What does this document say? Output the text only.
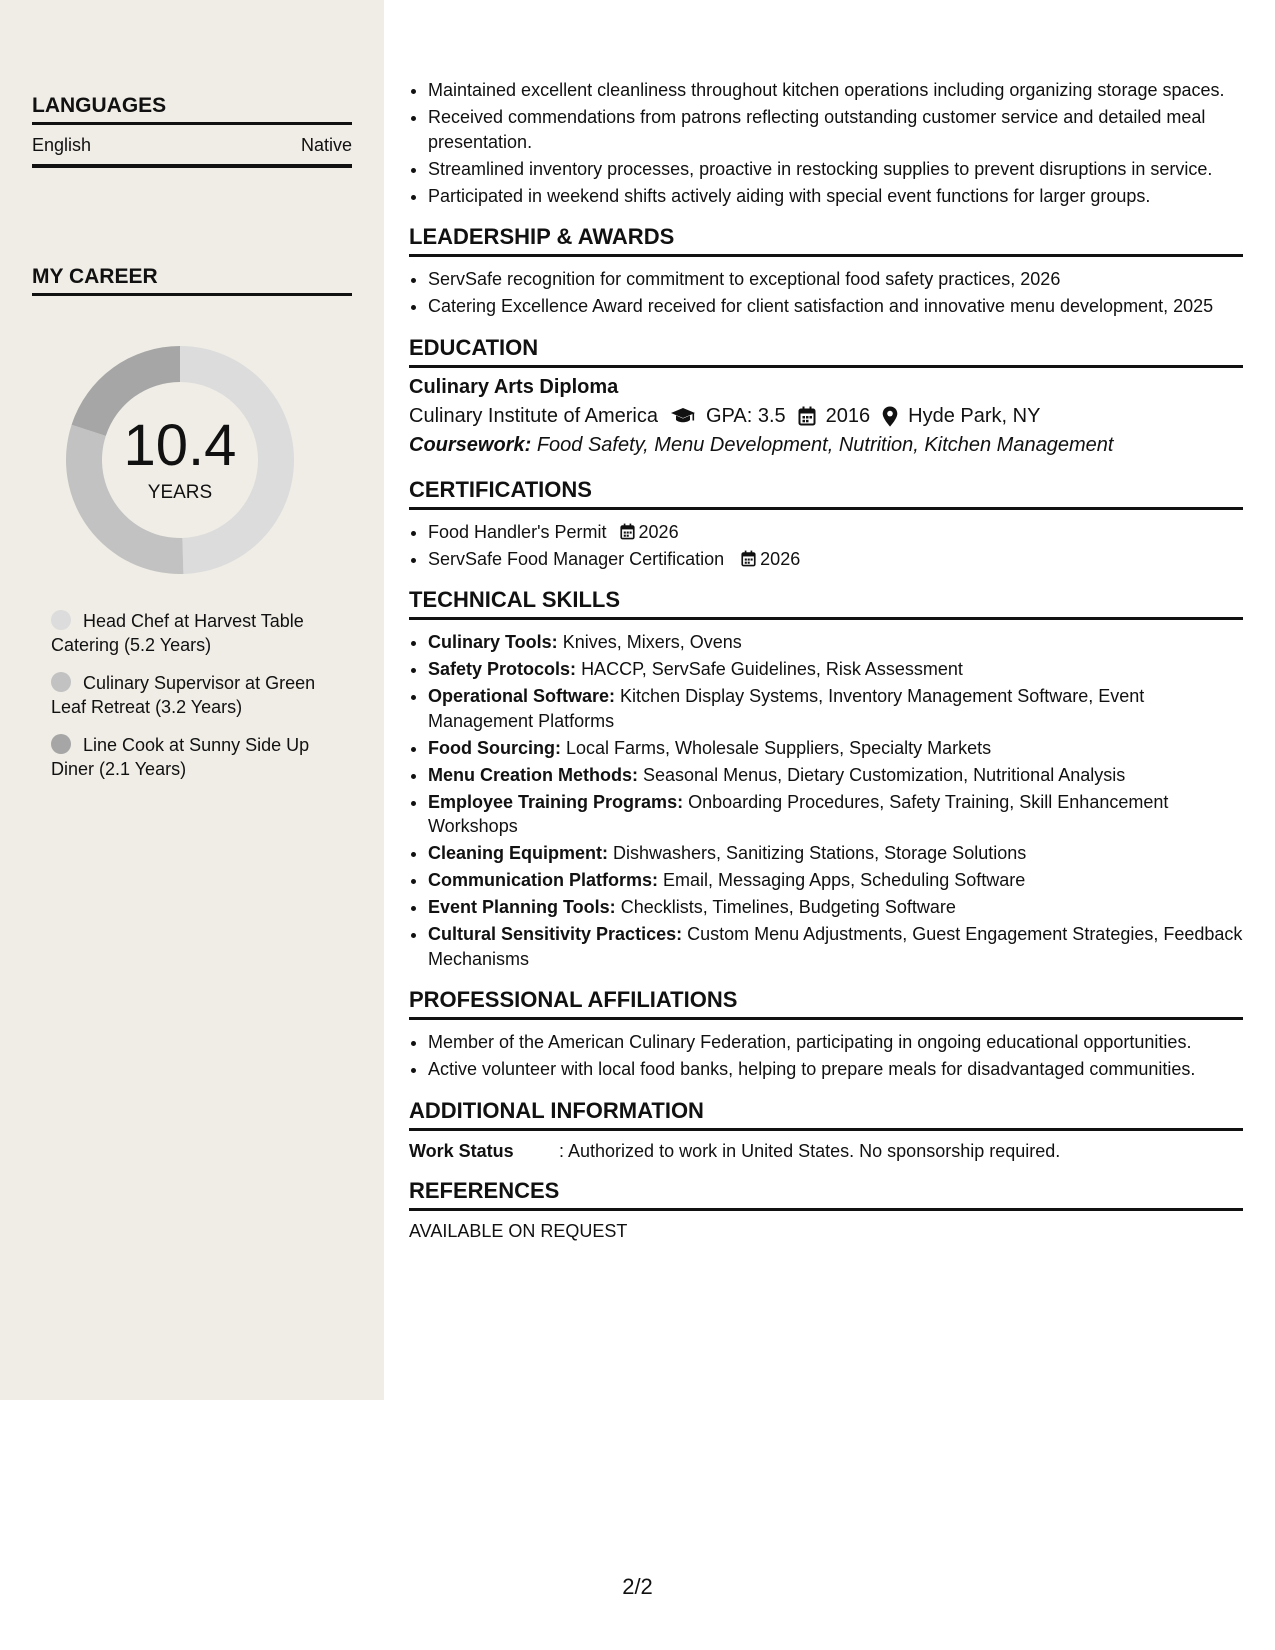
LANGUAGES
English	Native
MY CAREER
10.4
YEARS
Head Chef at Harvest Table Catering (5.2 Years)
Culinary Supervisor at Green Leaf Retreat (3.2 Years)
Line Cook at Sunny Side Up Diner (2.1 Years)
• Maintained excellent cleanliness throughout kitchen operations including organizing storage spaces.
• Received commendations from patrons reflecting outstanding customer service and detailed meal presentation.
• Streamlined inventory processes, proactive in restocking supplies to prevent disruptions in service.
• Participated in weekend shifts actively aiding with special event functions for larger groups.
LEADERSHIP & AWARDS
• ServSafe recognition for commitment to exceptional food safety practices, 2026
• Catering Excellence Award received for client satisfaction and innovative menu development, 2025
EDUCATION
Culinary Arts Diploma
Culinary Institute of America GPA: 3.5 2016 Hyde Park, NY
Coursework: Food Safety, Menu Development, Nutrition, Kitchen Management
CERTIFICATIONS
• Food Handler's Permit 2026
• ServSafe Food Manager Certification 2026
TECHNICAL SKILLS
• Culinary Tools: Knives, Mixers, Ovens
• Safety Protocols: HACCP, ServSafe Guidelines, Risk Assessment
• Operational Software: Kitchen Display Systems, Inventory Management Software, Event Management Platforms
• Food Sourcing: Local Farms, Wholesale Suppliers, Specialty Markets
• Menu Creation Methods: Seasonal Menus, Dietary Customization, Nutritional Analysis
• Employee Training Programs: Onboarding Procedures, Safety Training, Skill Enhancement Workshops
• Cleaning Equipment: Dishwashers, Sanitizing Stations, Storage Solutions
• Communication Platforms: Email, Messaging Apps, Scheduling Software
• Event Planning Tools: Checklists, Timelines, Budgeting Software
• Cultural Sensitivity Practices: Custom Menu Adjustments, Guest Engagement Strategies, Feedback Mechanisms
PROFESSIONAL AFFILIATIONS
• Member of the American Culinary Federation, participating in ongoing educational opportunities.
• Active volunteer with local food banks, helping to prepare meals for disadvantaged communities.
ADDITIONAL INFORMATION
Work Status	: Authorized to work in United States. No sponsorship required.
REFERENCES
AVAILABLE ON REQUEST
2/2
